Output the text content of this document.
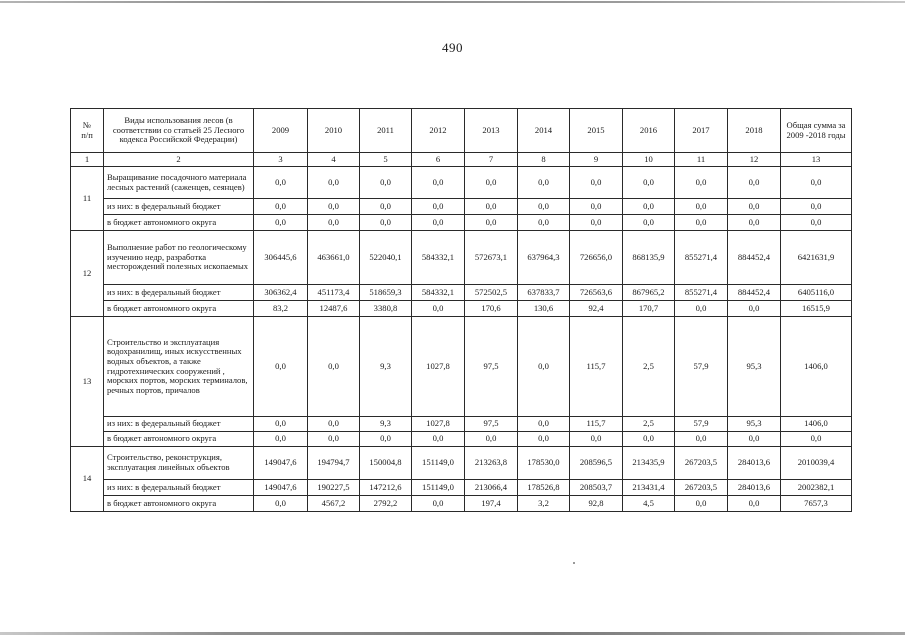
490
№
п/п	Виды использования лесов (в соответствии со статьей 25 Лесного кодекса Российской Федерации)	2009	2010	2011	2012	2013	2014	2015	2016	2017	2018	Общая сумма за 2009 -2018 годы
1	2	3	4	5	6	7	8	9	10	11	12	13
11	Выращивание посадочного материала лесных растений (саженцев, сеянцев)	0,0	0,0	0,0	0,0	0,0	0,0	0,0	0,0	0,0	0,0	0,0
	из них: в федеральный бюджет	0,0	0,0	0,0	0,0	0,0	0,0	0,0	0,0	0,0	0,0	0,0
	в бюджет автономного округа	0,0	0,0	0,0	0,0	0,0	0,0	0,0	0,0	0,0	0,0	0,0
12	Выполнение работ по геологическому изучению недр, разработка месторождений полезных ископаемых	306445,6	463661,0	522040,1	584332,1	572673,1	637964,3	726656,0	868135,9	855271,4	884452,4	6421631,9
	из них: в федеральный бюджет	306362,4	451173,4	518659,3	584332,1	572502,5	637833,7	726563,6	867965,2	855271,4	884452,4	6405116,0
	в бюджет автономного округа	83,2	12487,6	3380,8	0,0	170,6	130,6	92,4	170,7	0,0	0,0	16515,9
13	Строительство и эксплуатация водохранилищ, иных искусственных водных объектов, а также гидротехнических сооружений , морских портов, морских терминалов, речных портов, причалов	0,0	0,0	9,3	1027,8	97,5	0,0	115,7	2,5	57,9	95,3	1406,0
	из них: в федеральный бюджет	0,0	0,0	9,3	1027,8	97,5	0,0	115,7	2,5	57,9	95,3	1406,0
	в бюджет автономного округа	0,0	0,0	0,0	0,0	0,0	0,0	0,0	0,0	0,0	0,0	0,0
14	Строительство, реконструкция, эксплуатация линейных объектов	149047,6	194794,7	150004,8	151149,0	213263,8	178530,0	208596,5	213435,9	267203,5	284013,6	2010039,4
	из них: в федеральный бюджет	149047,6	190227,5	147212,6	151149,0	213066,4	178526,8	208503,7	213431,4	267203,5	284013,6	2002382,1
	в бюджет автономного округа	0,0	4567,2	2792,2	0,0	197,4	3,2	92,8	4,5	0,0	0,0	7657,3
